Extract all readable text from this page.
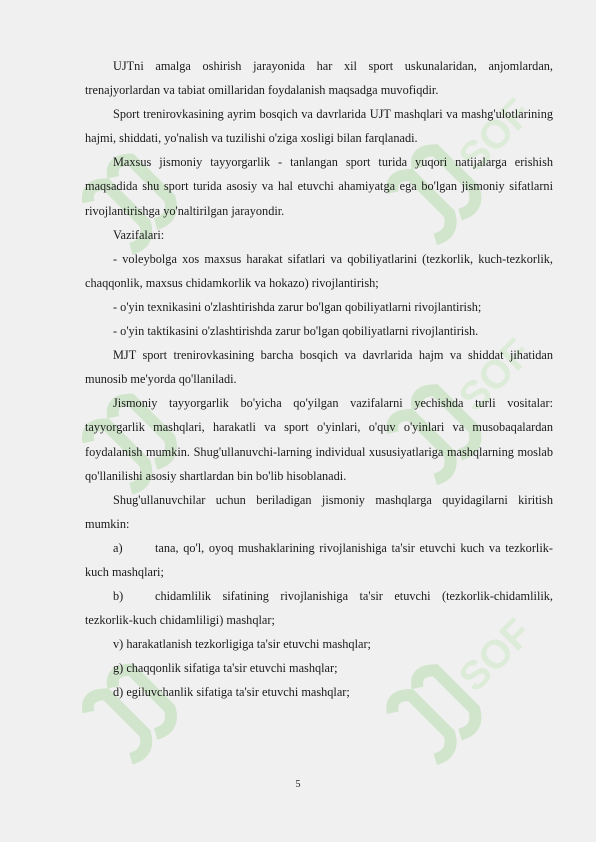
SOF
SOF
SOF

UJTni amalga oshirish jarayonida har xil sport uskunalaridan, anjomlardan, trenajyorlardan va tabiat omillaridan foydalanish maqsadga muvofiqdir.

Sport trenirovkasining ayrim bosqich va davrlarida UJT mashqlari va mashg'ulotlarining hajmi, shiddati, yo'nalish va tuzilishi o'ziga xosligi bilan farqlanadi.

Maxsus jismoniy tayyorgarlik - tanlangan sport turida yuqori natijalarga erishish maqsadida shu sport turida asosiy va hal etuvchi ahamiyatga ega bo'lgan jismoniy sifatlarni rivojlantirishga yo'naltirilgan jarayondir.

Vazifalari:

- voleybolga xos maxsus harakat sifatlari va qobiliyatlarini (tezkorlik, kuch-tezkorlik, chaqqonlik, maxsus chidamkorlik va hokazo) rivojlantirish;

- o'yin texnikasini o'zlashtirishda zarur bo'lgan qobiliyatlarni rivojlantirish;

- o'yin taktikasini o'zlashtirishda zarur bo'lgan qobiliyatlarni rivojlantirish.

MJT sport trenirovkasining barcha bosqich va davrlarida hajm va shiddat jihatidan munosib me'yorda qo'llaniladi.

Jismoniy tayyorgarlik bo'yicha qo'yilgan vazifalarni yechishda turli vositalar: tayyorgarlik mashqlari, harakatli va sport o'yinlari, o'quv o'yinlari va musobaqalardan foydalanish mumkin. Shug'ullanuvchi-larning individual xususiyatlariga mashqlarning moslab qo'llanilishi asosiy shartlardan bin bo'lib hisoblanadi.

Shug'ullanuvchilar uchun beriladigan jismoniy mashqlarga quyidagilarni kiritish mumkin:

a)	tana, qo'l, oyoq mushaklarining rivojlanishiga ta'sir etuvchi kuch va tezkorlik-kuch mashqlari;

b)	chidamlilik sifatining rivojlanishiga ta'sir etuvchi (tezkorlik-chidamlilik, tezkorlik-kuch chidamliligi) mashqlar;

v) harakatlanish tezkorligiga ta'sir etuvchi mashqlar;

g) chaqqonlik sifatiga ta'sir etuvchi mashqlar;

d) egiluvchanlik sifatiga ta'sir etuvchi mashqlar;

5
